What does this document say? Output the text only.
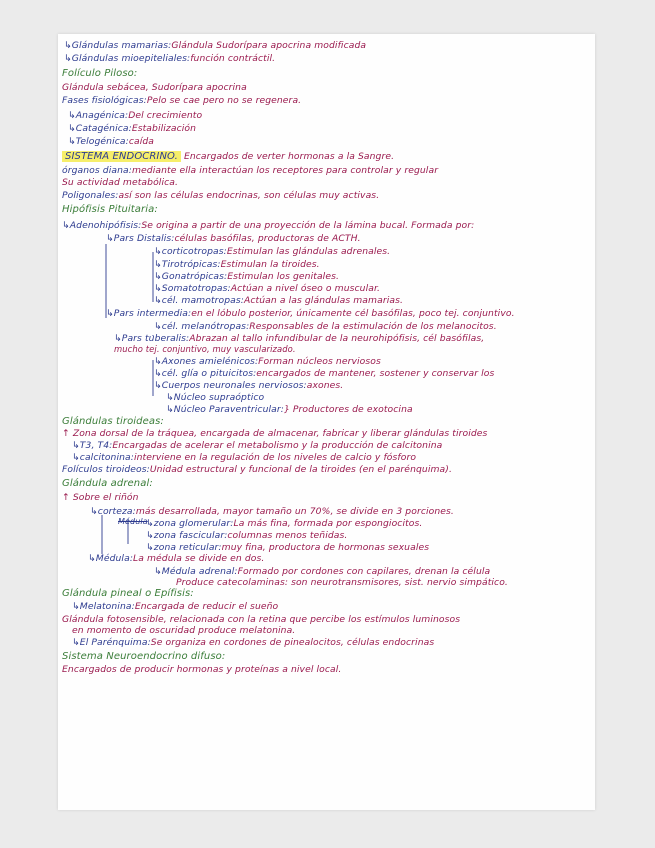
↳Glándulas mamarias:Glándula Sudorípara apocrina modificada
↳Glándulas mioepiteliales:función contráctil.
Folículo Piloso:
Glándula sebácea, Sudorípara apocrina
Fases fisiológicas:Pelo se cae pero no se regenera.
↳Anagénica:Del crecimiento
↳Catagénica:Estabilización
↳Telogénica:caída
SISTEMA ENDOCRINO. Encargados de verter hormonas a la Sangre.
órganos diana:mediante ella interactúan los receptores para controlar y regular
Su actividad metabólica.
Poligonales:así son las células endocrinas, son células muy activas.
Hipófisis Pituitaria:
↳Adenohipófisis:Se origina a partir de una proyección de la lámina bucal. Formada por:
↳Pars Distalis:células basófilas, productoras de ACTH.
↳corticotropas:Estimulan las glándulas adrenales.
↳Tirotrópicas:Estimulan la tiroides.
↳Gonatrópicas:Estimulan los genitales.
↳Somatotropas:Actúan a nivel óseo o muscular.
↳cél. mamotropas:Actúan a las glándulas mamarias.
↳Pars intermedia:en el lóbulo posterior, únicamente cél basófilas, poco tej. conjuntivo.
↳cél. melanótropas:Responsables de la estimulación de los melanocitos.
↳Pars tuberalis:Abrazan al tallo infundibular de la neurohipófisis, cél basófilas,
mucho tej. conjuntivo, muy vascularizado.
↳Axones amielénicos:Forman núcleos nerviosos
↳cél. glía o pituicitos:encargados de mantener, sostener y conservar los
↳Cuerpos neuronales nerviosos:axones.
↳Núcleo supraóptico
↳Núcleo Paraventricular:} Productores de exotocina
Glándulas tiroideas:
↑ Zona dorsal de la tráquea, encargada de almacenar, fabricar y liberar glándulas tiroides
↳T3, T4:Encargadas de acelerar el metabolismo y la producción de calcitonina
↳calcitonina:interviene en la regulación de los niveles de calcio y fósforo
Folículos tiroideos:Unidad estructural y funcional de la tiroides (en el parénquima).
Glándula adrenal:
↑ Sobre el riñón
↳corteza:más desarrollada, mayor tamaño un 70%, se divide en 3 porciones.
↳zona glomerular:La más fina, formada por espongiocitos.
↳zona fascicular:columnas menos teñidas.
↳zona reticular:muy fina, productora de hormonas sexuales
↳Médula:La médula se divide en dos.
↳Médula adrenal:Formado por cordones con capilares, drenan la célula
Produce catecolaminas: son neurotransmisores, sist. nervio simpático.
Glándula pineal o Epífisis:
↳Melatonina:Encargada de reducir el sueño
Glándula fotosensible, relacionada con la retina que percibe los estímulos luminosos
en momento de oscuridad produce melatonina.
↳El Parénquima:Se organiza en cordones de pinealocitos, células endocrinas
Sistema Neuroendocrino difuso:
Encargados de producir hormonas y proteínas a nivel local.
Médula
